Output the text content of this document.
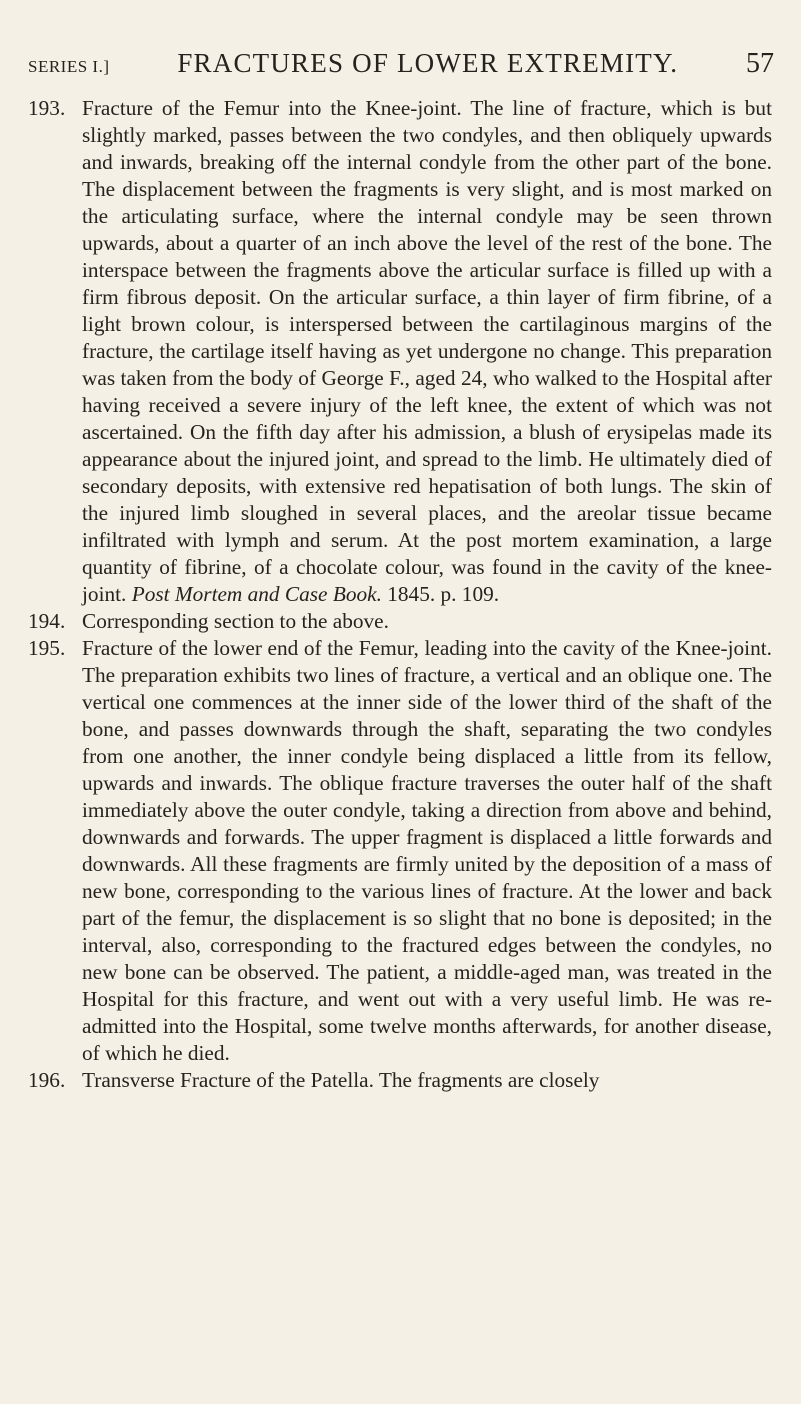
SERIES I.]	FRACTURES OF LOWER EXTREMITY.	57
193. Fracture of the Femur into the Knee-joint. The line of fracture, which is but slightly marked, passes between the two condyles, and then obliquely upwards and inwards, breaking off the internal condyle from the other part of the bone. The displacement between the fragments is very slight, and is most marked on the articulating surface, where the internal condyle may be seen thrown upwards, about a quarter of an inch above the level of the rest of the bone. The interspace between the fragments above the articular surface is filled up with a firm fibrous deposit. On the articular surface, a thin layer of firm fibrine, of a light brown colour, is interspersed between the cartilaginous margins of the fracture, the cartilage itself having as yet undergone no change. This preparation was taken from the body of George F., aged 24, who walked to the Hospital after having received a severe injury of the left knee, the extent of which was not ascertained. On the fifth day after his admission, a blush of erysipelas made its appearance about the injured joint, and spread to the limb. He ultimately died of secondary deposits, with extensive red hepatisation of both lungs. The skin of the injured limb sloughed in several places, and the areolar tissue became infiltrated with lymph and serum. At the post mortem examination, a large quantity of fibrine, of a chocolate colour, was found in the cavity of the knee-joint. Post Mortem and Case Book. 1845. p. 109.
194. Corresponding section to the above.
195. Fracture of the lower end of the Femur, leading into the cavity of the Knee-joint. The preparation exhibits two lines of fracture, a vertical and an oblique one. The vertical one commences at the inner side of the lower third of the shaft of the bone, and passes downwards through the shaft, separating the two condyles from one another, the inner condyle being displaced a little from its fellow, upwards and inwards. The oblique fracture traverses the outer half of the shaft immediately above the outer condyle, taking a direction from above and behind, downwards and forwards. The upper fragment is displaced a little forwards and downwards. All these fragments are firmly united by the deposition of a mass of new bone, corresponding to the various lines of fracture. At the lower and back part of the femur, the displacement is so slight that no bone is deposited; in the interval, also, corresponding to the fractured edges between the condyles, no new bone can be observed. The patient, a middle-aged man, was treated in the Hospital for this fracture, and went out with a very useful limb. He was re-admitted into the Hospital, some twelve months afterwards, for another disease, of which he died.
196. Transverse Fracture of the Patella. The fragments are closely
